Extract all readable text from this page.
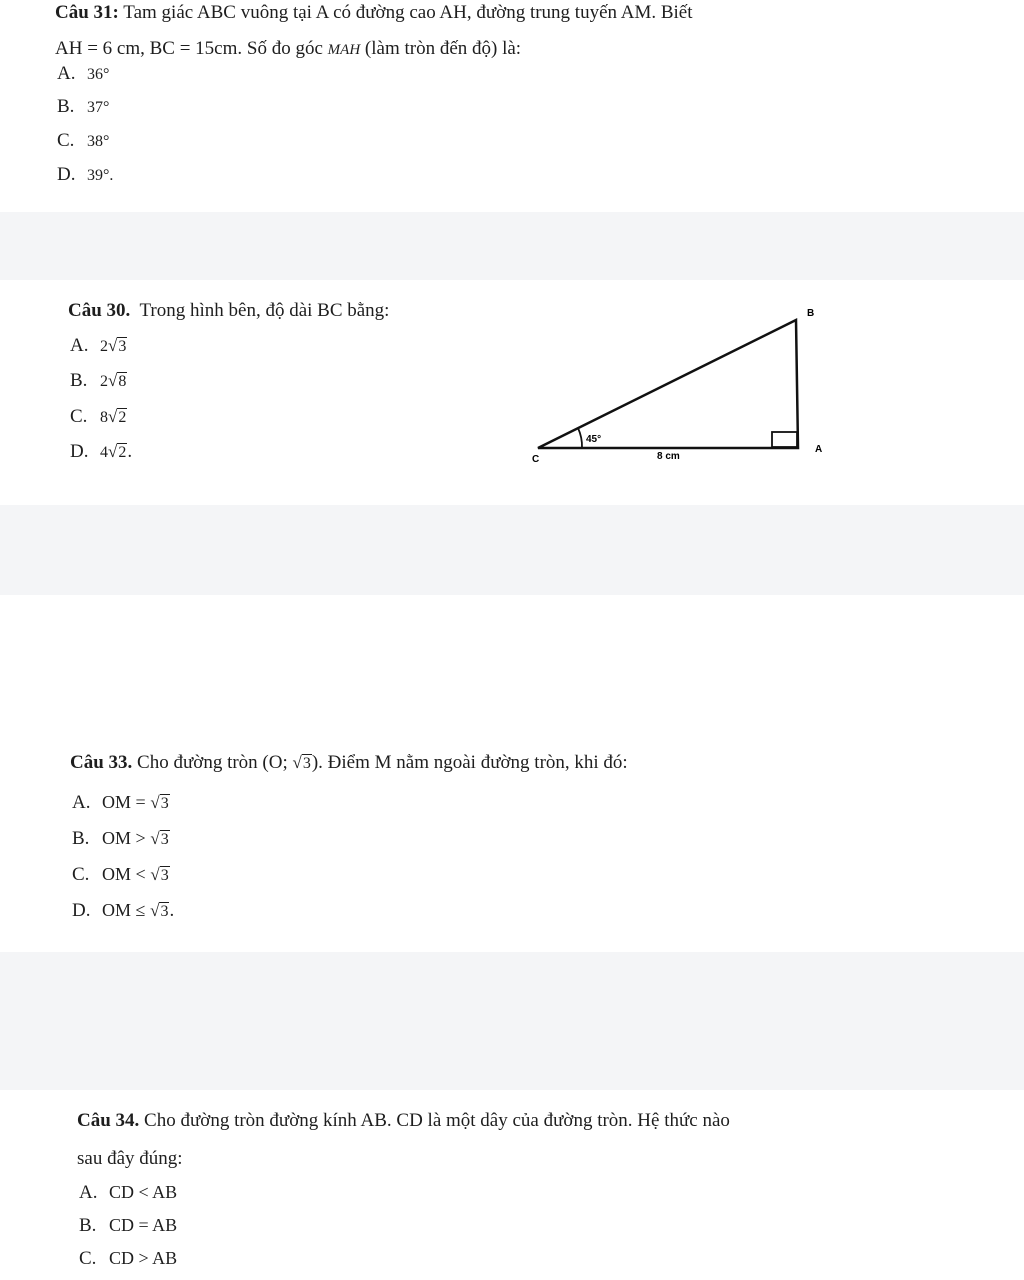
Câu 31: Tam giác ABC vuông tại A có đường cao AH, đường trung tuyến AM. Biết
AH = 6 cm, BC = 15cm. Số đo góc MAH (làm tròn đến độ) là:
A. 36°
B. 37°
C. 38°
D. 39°.
Câu 30. Trong hình bên, độ dài BC bằng:
A. 2√3
B. 2√8
C. 8√2
D. 4√2.
B
C
A
45°
8 cm
Câu 33. Cho đường tròn (O; √3). Điểm M nằm ngoài đường tròn, khi đó:
A. OM = √3
B. OM > √3
C. OM < √3
D. OM ≤ √3.
Câu 34. Cho đường tròn đường kính AB. CD là một dây của đường tròn. Hệ thức nào
sau đây đúng:
A. CD < AB
B. CD = AB
C. CD > AB
